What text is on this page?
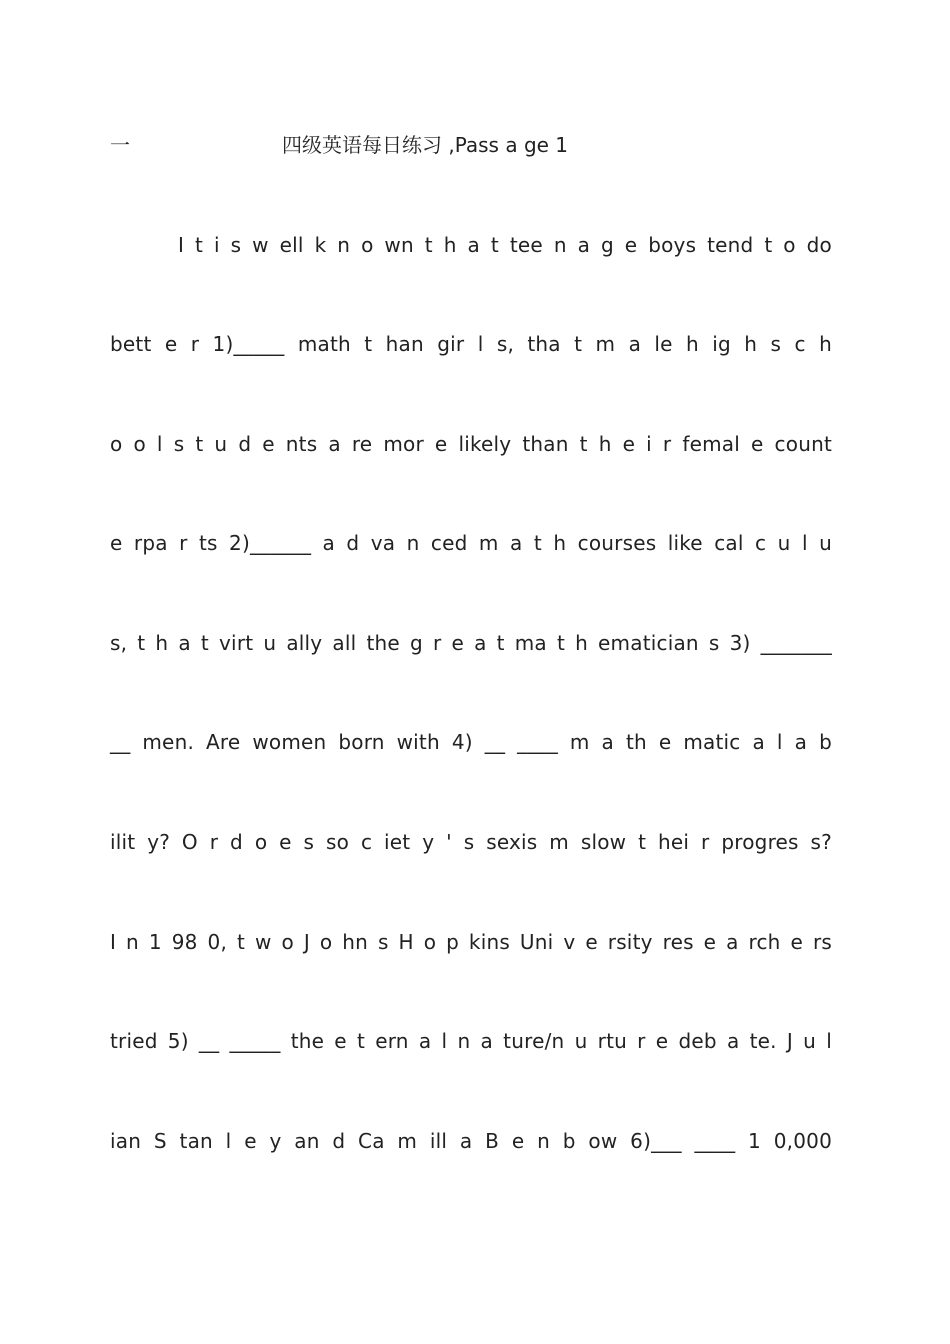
一	四级英语每日练习 ,Pass a ge 1
I t i s w ell k n o wn t h a t tee n a g e boys tend t o do
bett e r 1)_____ math t han gir l s, tha t m a le h ig h s c h
o o l s t u d e nts a re mor e likely than t h e i r femal e count
e rpa r ts 2)______ a d va n ced m a t h courses like cal c u l u
s, t h a t virt u ally all the g r e a t ma t h ematician s 3) _______
__ men. Are women born with 4) __ ____ m a th e matic a l a b
ilit y? O r d o e s so c iet y ' s sexis m slow t hei r progres s?
I n 1 98 0, t w o J o hn s H o p kins Uni v e rsity res e a rch e rs
tried 5) __ _____ the e t ern a l n a ture/n u rtu r e deb a te. J u l
ian S tan l e y an d Ca m ill a B e n b ow 6)___ ____ 1 0,000
